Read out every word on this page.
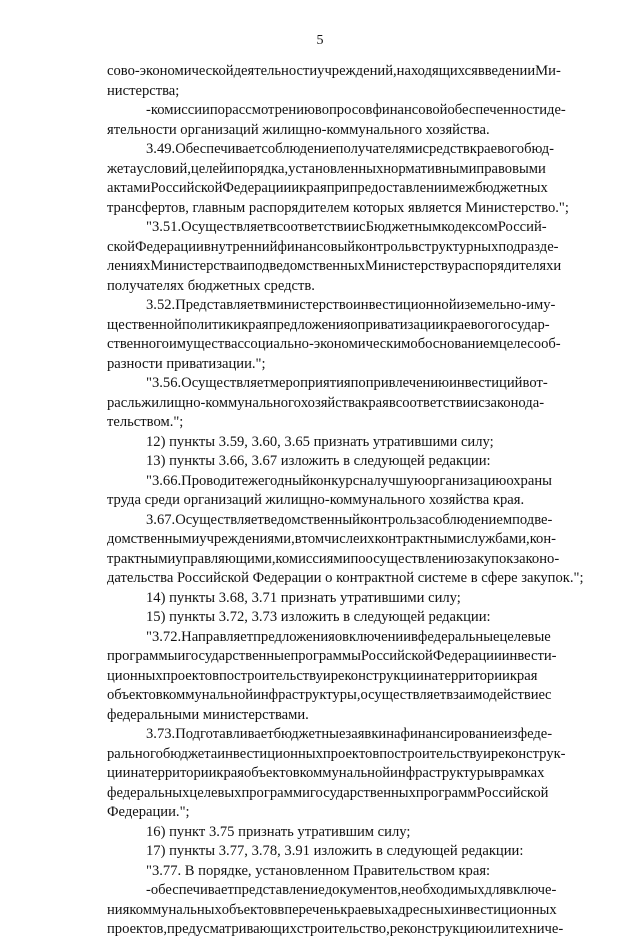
5
сово-экономической деятельности учреждений, находящихся в ведении Ми-
нистерства;
- комиссии по рассмотрению вопросов финансовой обеспеченности де-
ятельности организаций жилищно-коммунального хозяйства.
3.49. Обеспечивает соблюдение получателями средств краевого бюд-
жета условий, целей и порядка, установленных нормативными правовыми
актами Российской Федерации и края при предоставлении межбюджетных
трансфертов, главным распорядителем которых является Министерство.";
"3.51. Осуществляет в соответствии с Бюджетным кодексом Россий-
ской Федерации внутренний финансовый контроль в структурных подразде-
лениях Министерства и подведомственных Министерству распорядителях и
получателях бюджетных средств.
3.52. Представляет в министерство инвестиционной и земельно-иму-
щественной политики края предложения о приватизации краевого государ-
ственного имущества с социально-экономическим обоснованием целесооб-
разности приватизации.";
"3.56. Осуществляет мероприятия по привлечению инвестиций в от-
расль жилищно-коммунального хозяйства края в соответствии с законода-
тельством.";
12) пункты 3.59, 3.60, 3.65 признать утратившими силу;
13) пункты 3.66, 3.67 изложить в следующей редакции:
"3.66. Проводит ежегодный конкурс на лучшую организацию охраны
труда среди организаций жилищно-коммунального хозяйства края.
3.67. Осуществляет ведомственный контроль за соблюдением подве-
домственными учреждениями, в том числе их контрактными службами, кон-
трактными управляющими, комиссиями по осуществлению закупок законо-
дательства Российской Федерации о контрактной системе в сфере закупок.";
14) пункты 3.68, 3.71 признать утратившими силу;
15) пункты 3.72, 3.73 изложить в следующей редакции:
"3.72. Направляет предложения о включении в федеральные целевые
программы и государственные программы Российской Федерации инвести-
ционных проектов по строительству и реконструкции на территории края
объектов коммунальной инфраструктуры, осуществляет взаимодействие с
федеральными министерствами.
3.73. Подготавливает бюджетные заявки на финансирование из феде-
рального бюджета инвестиционных проектов по строительству и реконструк-
ции на территории края объектов коммунальной инфраструктуры в рамках
федеральных целевых программ и государственных программ Российской
Федерации.";
16) пункт 3.75 признать утратившим силу;
17) пункты 3.77, 3.78, 3.91 изложить в следующей редакции:
"3.77. В порядке, установленном Правительством края:
- обеспечивает представление документов, необходимых для включе-
ния коммунальных объектов в перечень краевых адресных инвестиционных
проектов, предусматривающих строительство, реконструкцию или техниче-
